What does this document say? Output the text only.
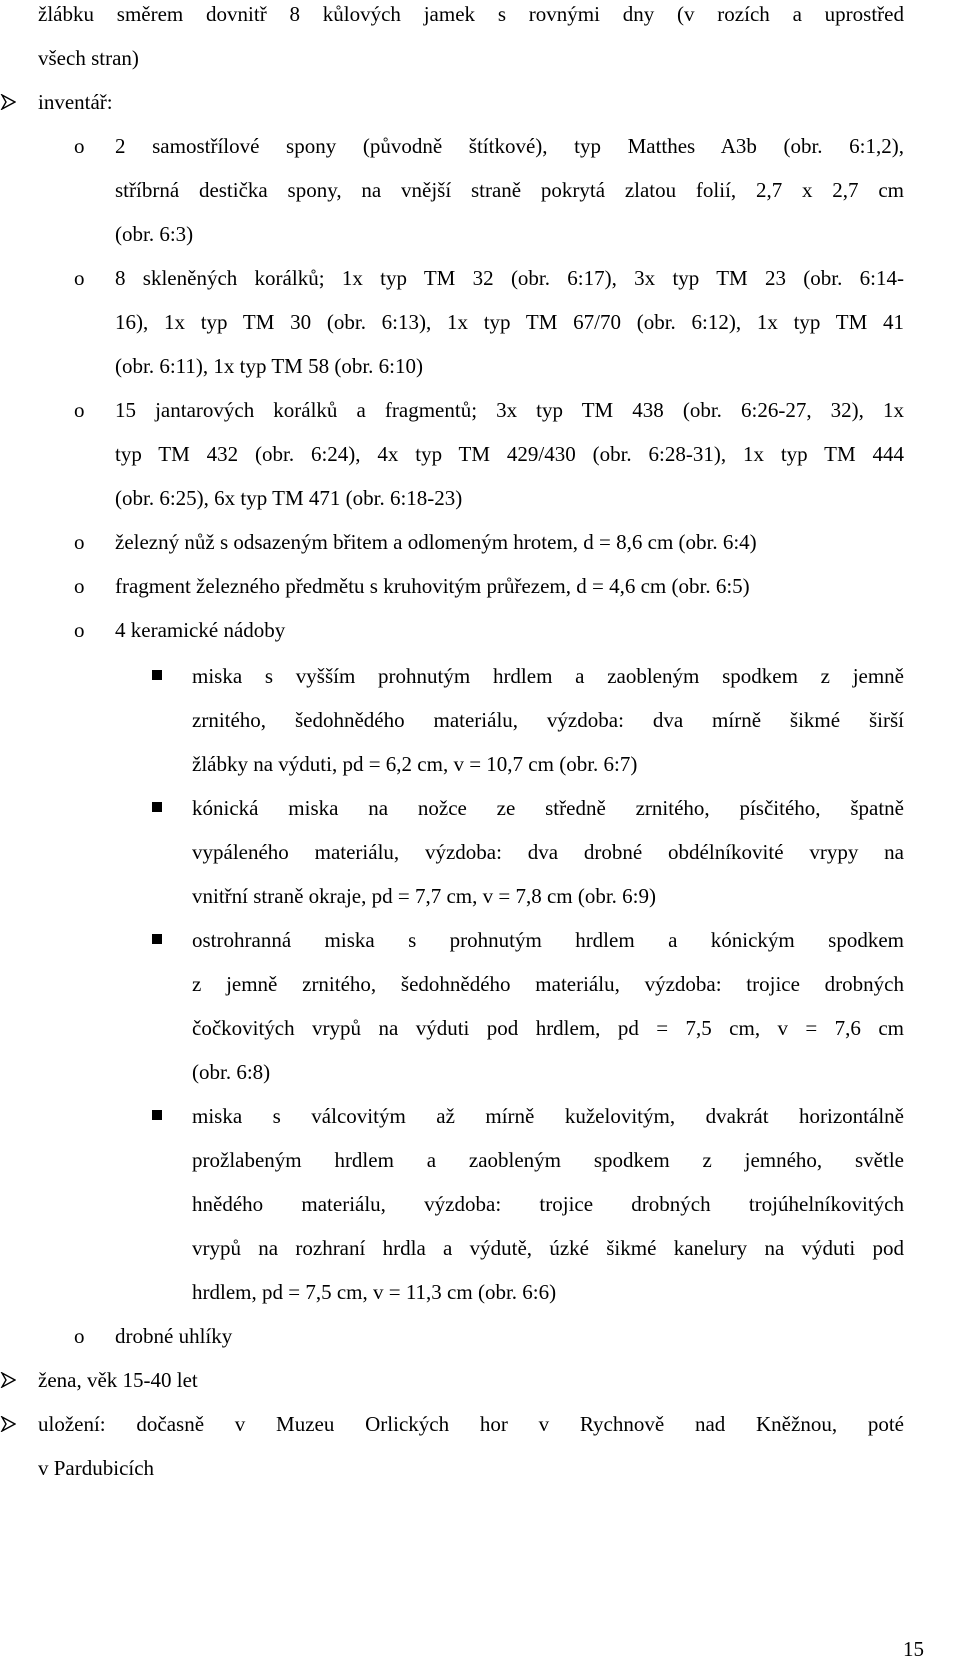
žlábku směrem dovnitř 8 kůlových jamek s rovnými dny (v rozích a uprostřed
všech stran)
inventář:
o 2 samostřílové spony (původně štítkové), typ Matthes A3b (obr. 6:1,2),
stříbrná destička spony, na vnější straně pokrytá zlatou folií, 2,7 x 2,7 cm
(obr. 6:3)
o 8 skleněných korálků; 1x typ TM 32 (obr. 6:17), 3x typ TM 23 (obr. 6:14-
16), 1x typ TM 30 (obr. 6:13), 1x typ TM 67/70 (obr. 6:12), 1x typ TM 41
(obr. 6:11), 1x typ TM 58 (obr. 6:10)
o 15 jantarových korálků a fragmentů; 3x typ TM 438 (obr. 6:26-27, 32), 1x
typ TM 432 (obr. 6:24), 4x typ TM 429/430 (obr. 6:28-31), 1x typ TM 444
(obr. 6:25), 6x typ TM 471 (obr. 6:18-23)
o železný nůž s odsazeným břitem a odlomeným hrotem, d = 8,6 cm (obr. 6:4)
o fragment železného předmětu s kruhovitým průřezem, d = 4,6 cm (obr. 6:5)
o 4 keramické nádoby
miska s vyšším prohnutým hrdlem a zaobleným spodkem z jemně
zrnitého, šedohnědého materiálu, výzdoba: dva mírně šikmé širší
žlábky na výduti, pd = 6,2 cm, v = 10,7 cm (obr. 6:7)
kónická miska na nožce ze středně zrnitého, písčitého, špatně
vypáleného materiálu, výzdoba: dva drobné obdélníkovité vrypy na
vnitřní straně okraje, pd = 7,7 cm, v = 7,8 cm (obr. 6:9)
ostrohranná miska s prohnutým hrdlem a kónickým spodkem
z jemně zrnitého, šedohnědého materiálu, výzdoba: trojice drobných
čočkovitých vrypů na výduti pod hrdlem, pd = 7,5 cm, v = 7,6 cm
(obr. 6:8)
miska s válcovitým až mírně kuželovitým, dvakrát horizontálně
prožlabeným hrdlem a zaobleným spodkem z jemného, světle
hnědého materiálu, výzdoba: trojice drobných trojúhelníkovitých
vrypů na rozhraní hrdla a výdutě, úzké šikmé kanelury na výduti pod
hrdlem, pd = 7,5 cm, v = 11,3 cm (obr. 6:6)
o drobné uhlíky
žena, věk 15-40 let
uložení: dočasně v Muzeu Orlických hor v Rychnově nad Kněžnou, poté
v Pardubicích
15
